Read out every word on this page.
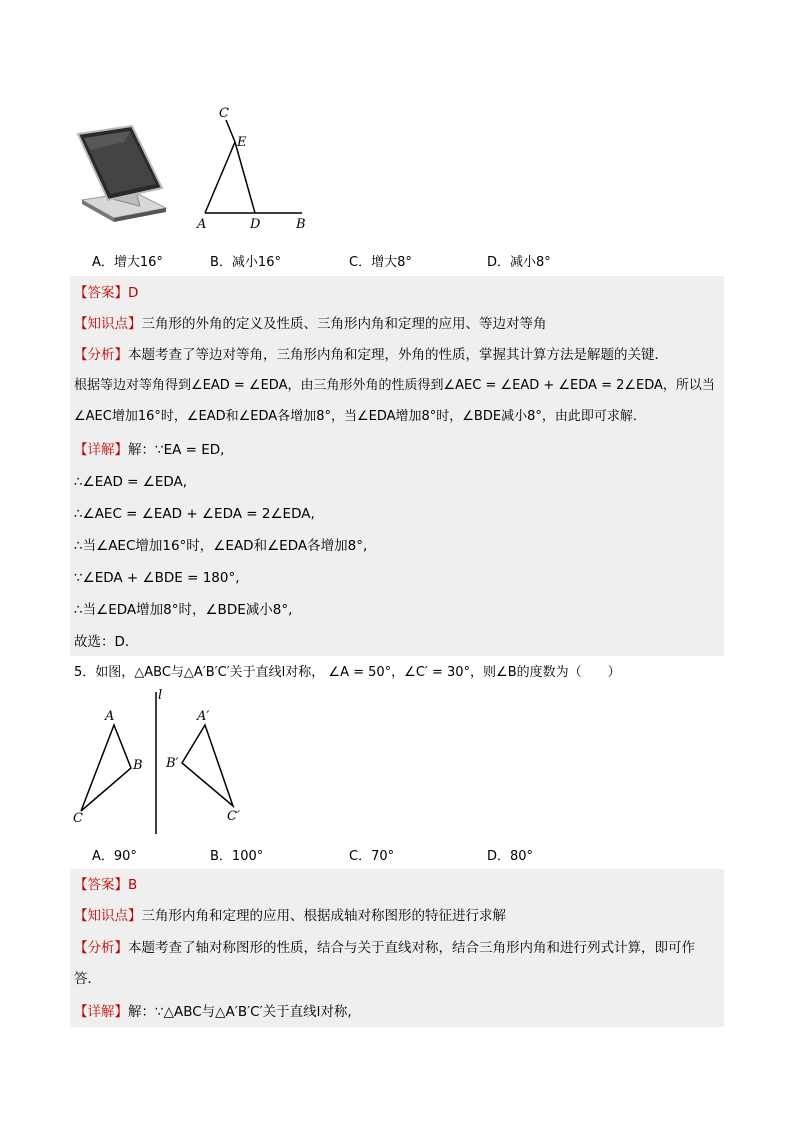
C
E
A	D	B
A．增大16°	B．减小16°	C．增大8°	D．减小8°
【答案】D
【知识点】三角形的外角的定义及性质、三角形内角和定理的应用、等边对等角
【分析】本题考查了等边对等角，三角形内角和定理，外角的性质，掌握其计算方法是解题的关键．
根据等边对等角得到∠EAD = ∠EDA，由三角形外角的性质得到∠AEC = ∠EAD + ∠EDA = 2∠EDA，所以当
∠AEC增加16°时，∠EAD和∠EDA各增加8°，当∠EDA增加8°时，∠BDE减小8°，由此即可求解．
【详解】解：∵EA = ED,
∴∠EAD = ∠EDA,
∴∠AEC = ∠EAD + ∠EDA = 2∠EDA,
∴当∠AEC增加16°时，∠EAD和∠EDA各增加8°,
∵∠EDA + ∠BDE = 180°,
∴当∠EDA增加8°时，∠BDE减小8°,
故选：D．
5．如图，△ABC与△A′B′C′关于直线l对称， ∠A = 50°，∠C′ = 30°，则∠B的度数为（　　）
l
A
B
C
A′
B′
C′
A．90°	B．100°	C．70°	D．80°
【答案】B
【知识点】三角形内角和定理的应用、根据成轴对称图形的特征进行求解
【分析】本题考查了轴对称图形的性质，结合与关于直线对称，结合三角形内角和进行列式计算，即可作
答．
【详解】解：∵△ABC与△A′B′C′关于直线l对称,
